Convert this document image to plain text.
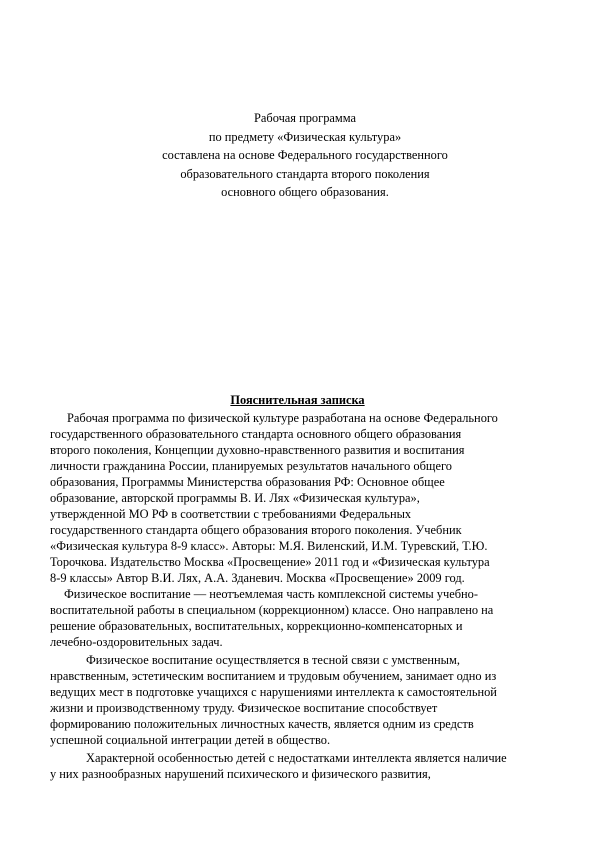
Рабочая программа
по предмету «Физическая культура»
составлена на основе Федерального государственного
образовательного стандарта второго поколения
основного общего образования.
Пояснительная записка
Рабочая программа по физической культуре разработана на основе Федерального
государственного образовательного стандарта основного общего образования
второго поколения, Концепции духовно-нравственного развития и воспитания
личности гражданина России, планируемых результатов начального общего
образования, Программы Министерства образования РФ: Основное общее
образование, авторской программы В. И. Лях «Физическая культура»,
утвержденной МО РФ в соответствии с требованиями Федеральных
государственного стандарта общего образования второго поколения. Учебник
«Физическая культура 8-9 класс». Авторы: М.Я. Виленский, И.М. Туревский, Т.Ю.
Торочкова. Издательство Москва «Просвещение» 2011 год и «Физическая культура
8-9 классы» Автор В.И. Лях, А.А. Зданевич. Москва «Просвещение» 2009 год.
Физическое воспитание — неотъемлемая часть комплексной системы учебно-
воспитательной работы в специальном (коррекционном) классе. Оно направлено на
решение образовательных, воспитательных, коррекционно-компенсаторных и
лечебно-оздоровительных задач.
Физическое воспитание осуществляется в тесной связи с умственным,
нравственным, эстетическим воспитанием и трудовым обучением, занимает одно из
ведущих мест в подготовке учащихся с нарушениями интеллекта к самостоятельной
жизни и производственному труду. Физическое воспитание способствует
формированию положительных личностных качеств, является одним из средств
успешной социальной интеграции детей в общество.
Характерной особенностью детей с недостатками интеллекта является наличие
у них разнообразных нарушений психического и физического развития,
